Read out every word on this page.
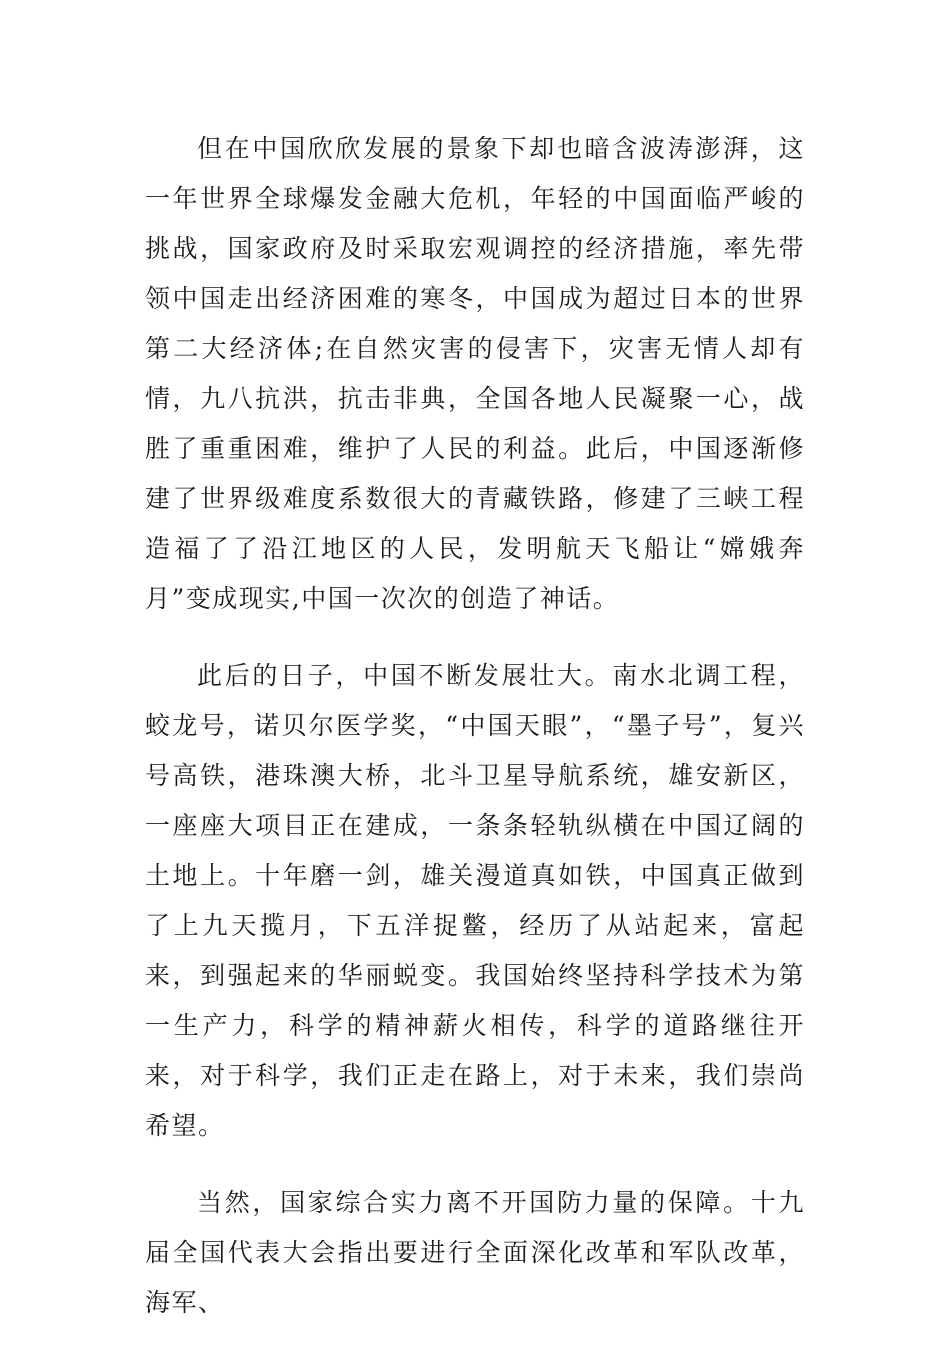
但在中国欣欣发展的景象下却也暗含波涛澎湃，这一年世界全球爆发金融大危机，年轻的中国面临严峻的挑战，国家政府及时采取宏观调控的经济措施，率先带领中国走出经济困难的寒冬，中国成为超过日本的世界第二大经济体;在自然灾害的侵害下，灾害无情人却有情，九八抗洪，抗击非典，全国各地人民凝聚一心，战胜了重重困难，维护了人民的利益。此后，中国逐渐修建了世界级难度系数很大的青藏铁路，修建了三峡工程造福了了沿江地区的人民，发明航天飞船让“嫦娥奔月”变成现实,中国一次次的创造了神话。

此后的日子，中国不断发展壮大。南水北调工程，蛟龙号，诺贝尔医学奖，“中国天眼”，“墨子号”，复兴号高铁，港珠澳大桥，北斗卫星导航系统，雄安新区，一座座大项目正在建成，一条条轻轨纵横在中国辽阔的土地上。十年磨一剑，雄关漫道真如铁，中国真正做到了上九天揽月，下五洋捉鳖，经历了从站起来，富起来，到强起来的华丽蜕变。我国始终坚持科学技术为第一生产力，科学的精神薪火相传，科学的道路继往开来，对于科学，我们正走在路上，对于未来，我们崇尚希望。

当然，国家综合实力离不开国防力量的保障。十九届全国代表大会指出要进行全面深化改革和军队改革，海军、
